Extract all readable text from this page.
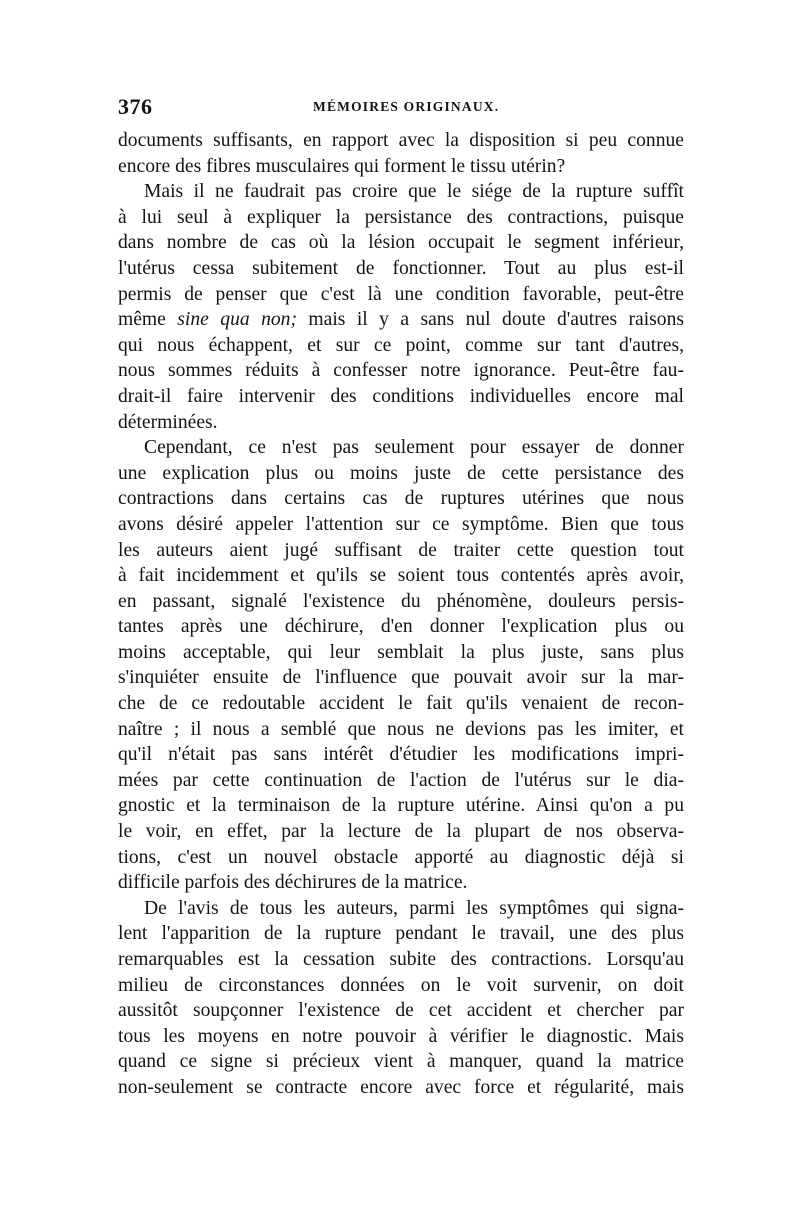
376	MÉMOIRES ORIGINAUX.
documents suffisants, en rapport avec la disposition si peu connue
encore des fibres musculaires qui forment le tissu utérin?
Mais il ne faudrait pas croire que le siége de la rupture suffît
à lui seul à expliquer la persistance des contractions, puisque
dans nombre de cas où la lésion occupait le segment inférieur,
l'utérus cessa subitement de fonctionner. Tout au plus est-il
permis de penser que c'est là une condition favorable, peut-être
même sine qua non; mais il y a sans nul doute d'autres raisons
qui nous échappent, et sur ce point, comme sur tant d'autres,
nous sommes réduits à confesser notre ignorance. Peut-être fau-
drait-il faire intervenir des conditions individuelles encore mal
déterminées.
Cependant, ce n'est pas seulement pour essayer de donner
une explication plus ou moins juste de cette persistance des
contractions dans certains cas de ruptures utérines que nous
avons désiré appeler l'attention sur ce symptôme. Bien que tous
les auteurs aient jugé suffisant de traiter cette question tout
à fait incidemment et qu'ils se soient tous contentés après avoir,
en passant, signalé l'existence du phénomène, douleurs persis-
tantes après une déchirure, d'en donner l'explication plus ou
moins acceptable, qui leur semblait la plus juste, sans plus
s'inquiéter ensuite de l'influence que pouvait avoir sur la mar-
che de ce redoutable accident le fait qu'ils venaient de recon-
naître ; il nous a semblé que nous ne devions pas les imiter, et
qu'il n'était pas sans intérêt d'étudier les modifications impri-
mées par cette continuation de l'action de l'utérus sur le dia-
gnostic et la terminaison de la rupture utérine. Ainsi qu'on a pu
le voir, en effet, par la lecture de la plupart de nos observa-
tions, c'est un nouvel obstacle apporté au diagnostic déjà si
difficile parfois des déchirures de la matrice.
De l'avis de tous les auteurs, parmi les symptômes qui signa-
lent l'apparition de la rupture pendant le travail, une des plus
remarquables est la cessation subite des contractions. Lorsqu'au
milieu de circonstances données on le voit survenir, on doit
aussitôt soupçonner l'existence de cet accident et chercher par
tous les moyens en notre pouvoir à vérifier le diagnostic. Mais
quand ce signe si précieux vient à manquer, quand la matrice
non-seulement se contracte encore avec force et régularité, mais
